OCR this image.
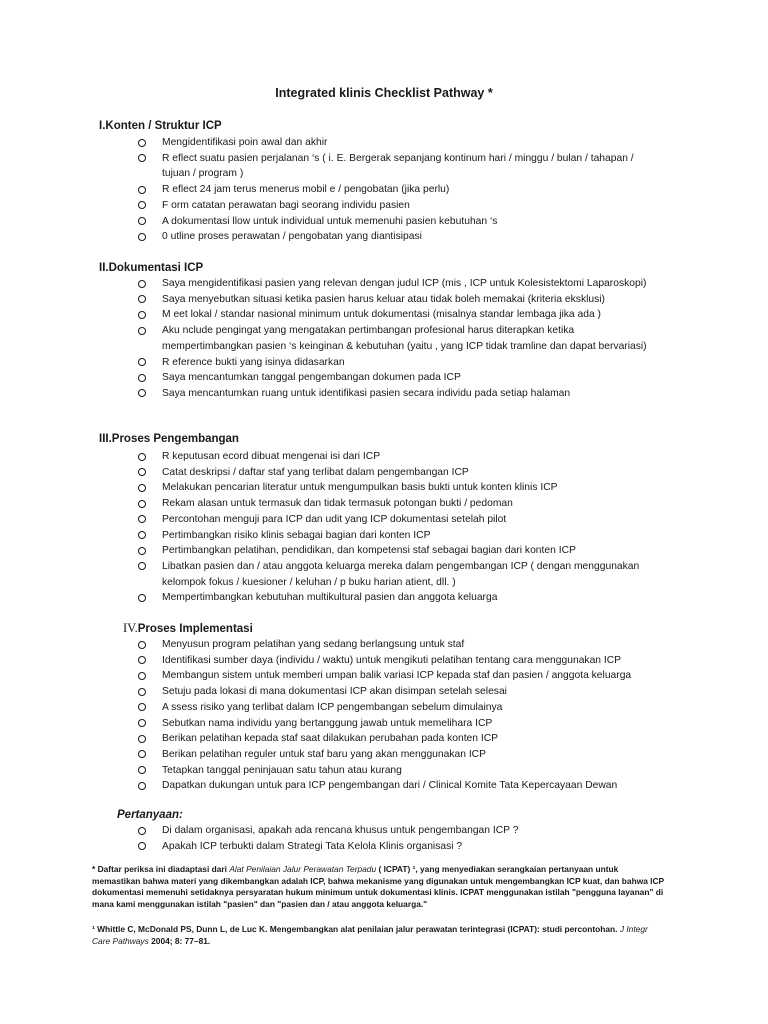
Integrated klinis Checklist Pathway *
I.Konten / Struktur ICP
Mengidentifikasi poin awal dan akhir
R eflect suatu pasien perjalanan ‘s ( i. E. Bergerak sepanjang kontinum hari / minggu / bulan / tahapan / tujuan / program )
R eflect 24 jam terus menerus mobil e / pengobatan (jika perlu)
F orm catatan perawatan bagi seorang individu pasien
A dokumentasi llow untuk individual untuk memenuhi pasien kebutuhan ‘s
0 utline proses perawatan / pengobatan yang diantisipasi
II.Dokumentasi ICP
Saya mengidentifikasi pasien yang relevan dengan judul ICP (mis , ICP untuk Kolesistektomi Laparoskopi)
Saya menyebutkan situasi ketika pasien harus keluar atau tidak boleh memakai (kriteria eksklusi)
M eet lokal / standar nasional minimum untuk dokumentasi (misalnya standar lembaga jika ada )
Aku nclude pengingat yang mengatakan pertimbangan profesional harus diterapkan ketika mempertimbangkan pasien ‘s keinginan & kebutuhan (yaitu , yang ICP tidak tramline dan dapat bervariasi)
R eference bukti yang isinya didasarkan
Saya mencantumkan tanggal pengembangan dokumen pada ICP
Saya mencantumkan ruang untuk identifikasi pasien secara individu pada setiap halaman
III.Proses Pengembangan
R keputusan ecord dibuat mengenai isi dari ICP
Catat deskripsi / daftar staf yang terlibat dalam pengembangan ICP
Melakukan pencarian literatur untuk mengumpulkan basis bukti untuk konten klinis ICP
Rekam alasan untuk termasuk dan tidak termasuk potongan bukti / pedoman
Percontohan menguji para ICP dan udit yang ICP dokumentasi setelah pilot
Pertimbangkan risiko klinis sebagai bagian dari konten ICP
Pertimbangkan pelatihan, pendidikan, dan kompetensi staf sebagai bagian dari konten ICP
Libatkan pasien dan / atau anggota keluarga mereka dalam pengembangan ICP ( dengan menggunakan kelompok fokus / kuesioner / keluhan / p buku harian atient, dll. )
Mempertimbangkan kebutuhan multikultural pasien dan anggota keluarga
IV.Proses Implementasi
Menyusun program pelatihan yang sedang berlangsung untuk staf
Identifikasi sumber daya (individu / waktu) untuk mengikuti pelatihan tentang cara menggunakan ICP
Membangun sistem untuk memberi umpan balik variasi ICP kepada staf dan pasien / anggota keluarga
Setuju pada lokasi di mana dokumentasi ICP akan disimpan setelah selesai
A ssess risiko yang terlibat dalam ICP pengembangan sebelum dimulainya
Sebutkan nama individu yang bertanggung jawab untuk memelihara ICP
Berikan pelatihan kepada staf saat dilakukan perubahan pada konten ICP
Berikan pelatihan reguler untuk staf baru yang akan menggunakan ICP
Tetapkan tanggal peninjauan satu tahun atau kurang
Dapatkan dukungan untuk para ICP pengembangan dari / Clinical Komite Tata Kepercayaan Dewan
Pertanyaan:
Di dalam organisasi, apakah ada rencana khusus untuk pengembangan ICP ?
Apakah ICP terbukti dalam Strategi Tata Kelola Klinis organisasi ?
* Daftar periksa ini diadaptasi dari Alat Penilaian Jalur Perawatan Terpadu ( ICPAT) ¹, yang menyediakan serangkaian pertanyaan untuk memastikan bahwa materi yang dikembangkan adalah ICP, bahwa mekanisme yang digunakan untuk mengembangkan ICP kuat, dan bahwa ICP dokumentasi memenuhi setidaknya persyaratan hukum minimum untuk dokumentasi klinis. ICPAT menggunakan istilah "pengguna layanan" di mana kami menggunakan istilah "pasien" dan "pasien dan / atau anggota keluarga."
¹ Whittle C, McDonald PS, Dunn L, de Luc K. Mengembangkan alat penilaian jalur perawatan terintegrasi (ICPAT): studi percontohan. J Integr Care Pathways 2004; 8: 77–81.
